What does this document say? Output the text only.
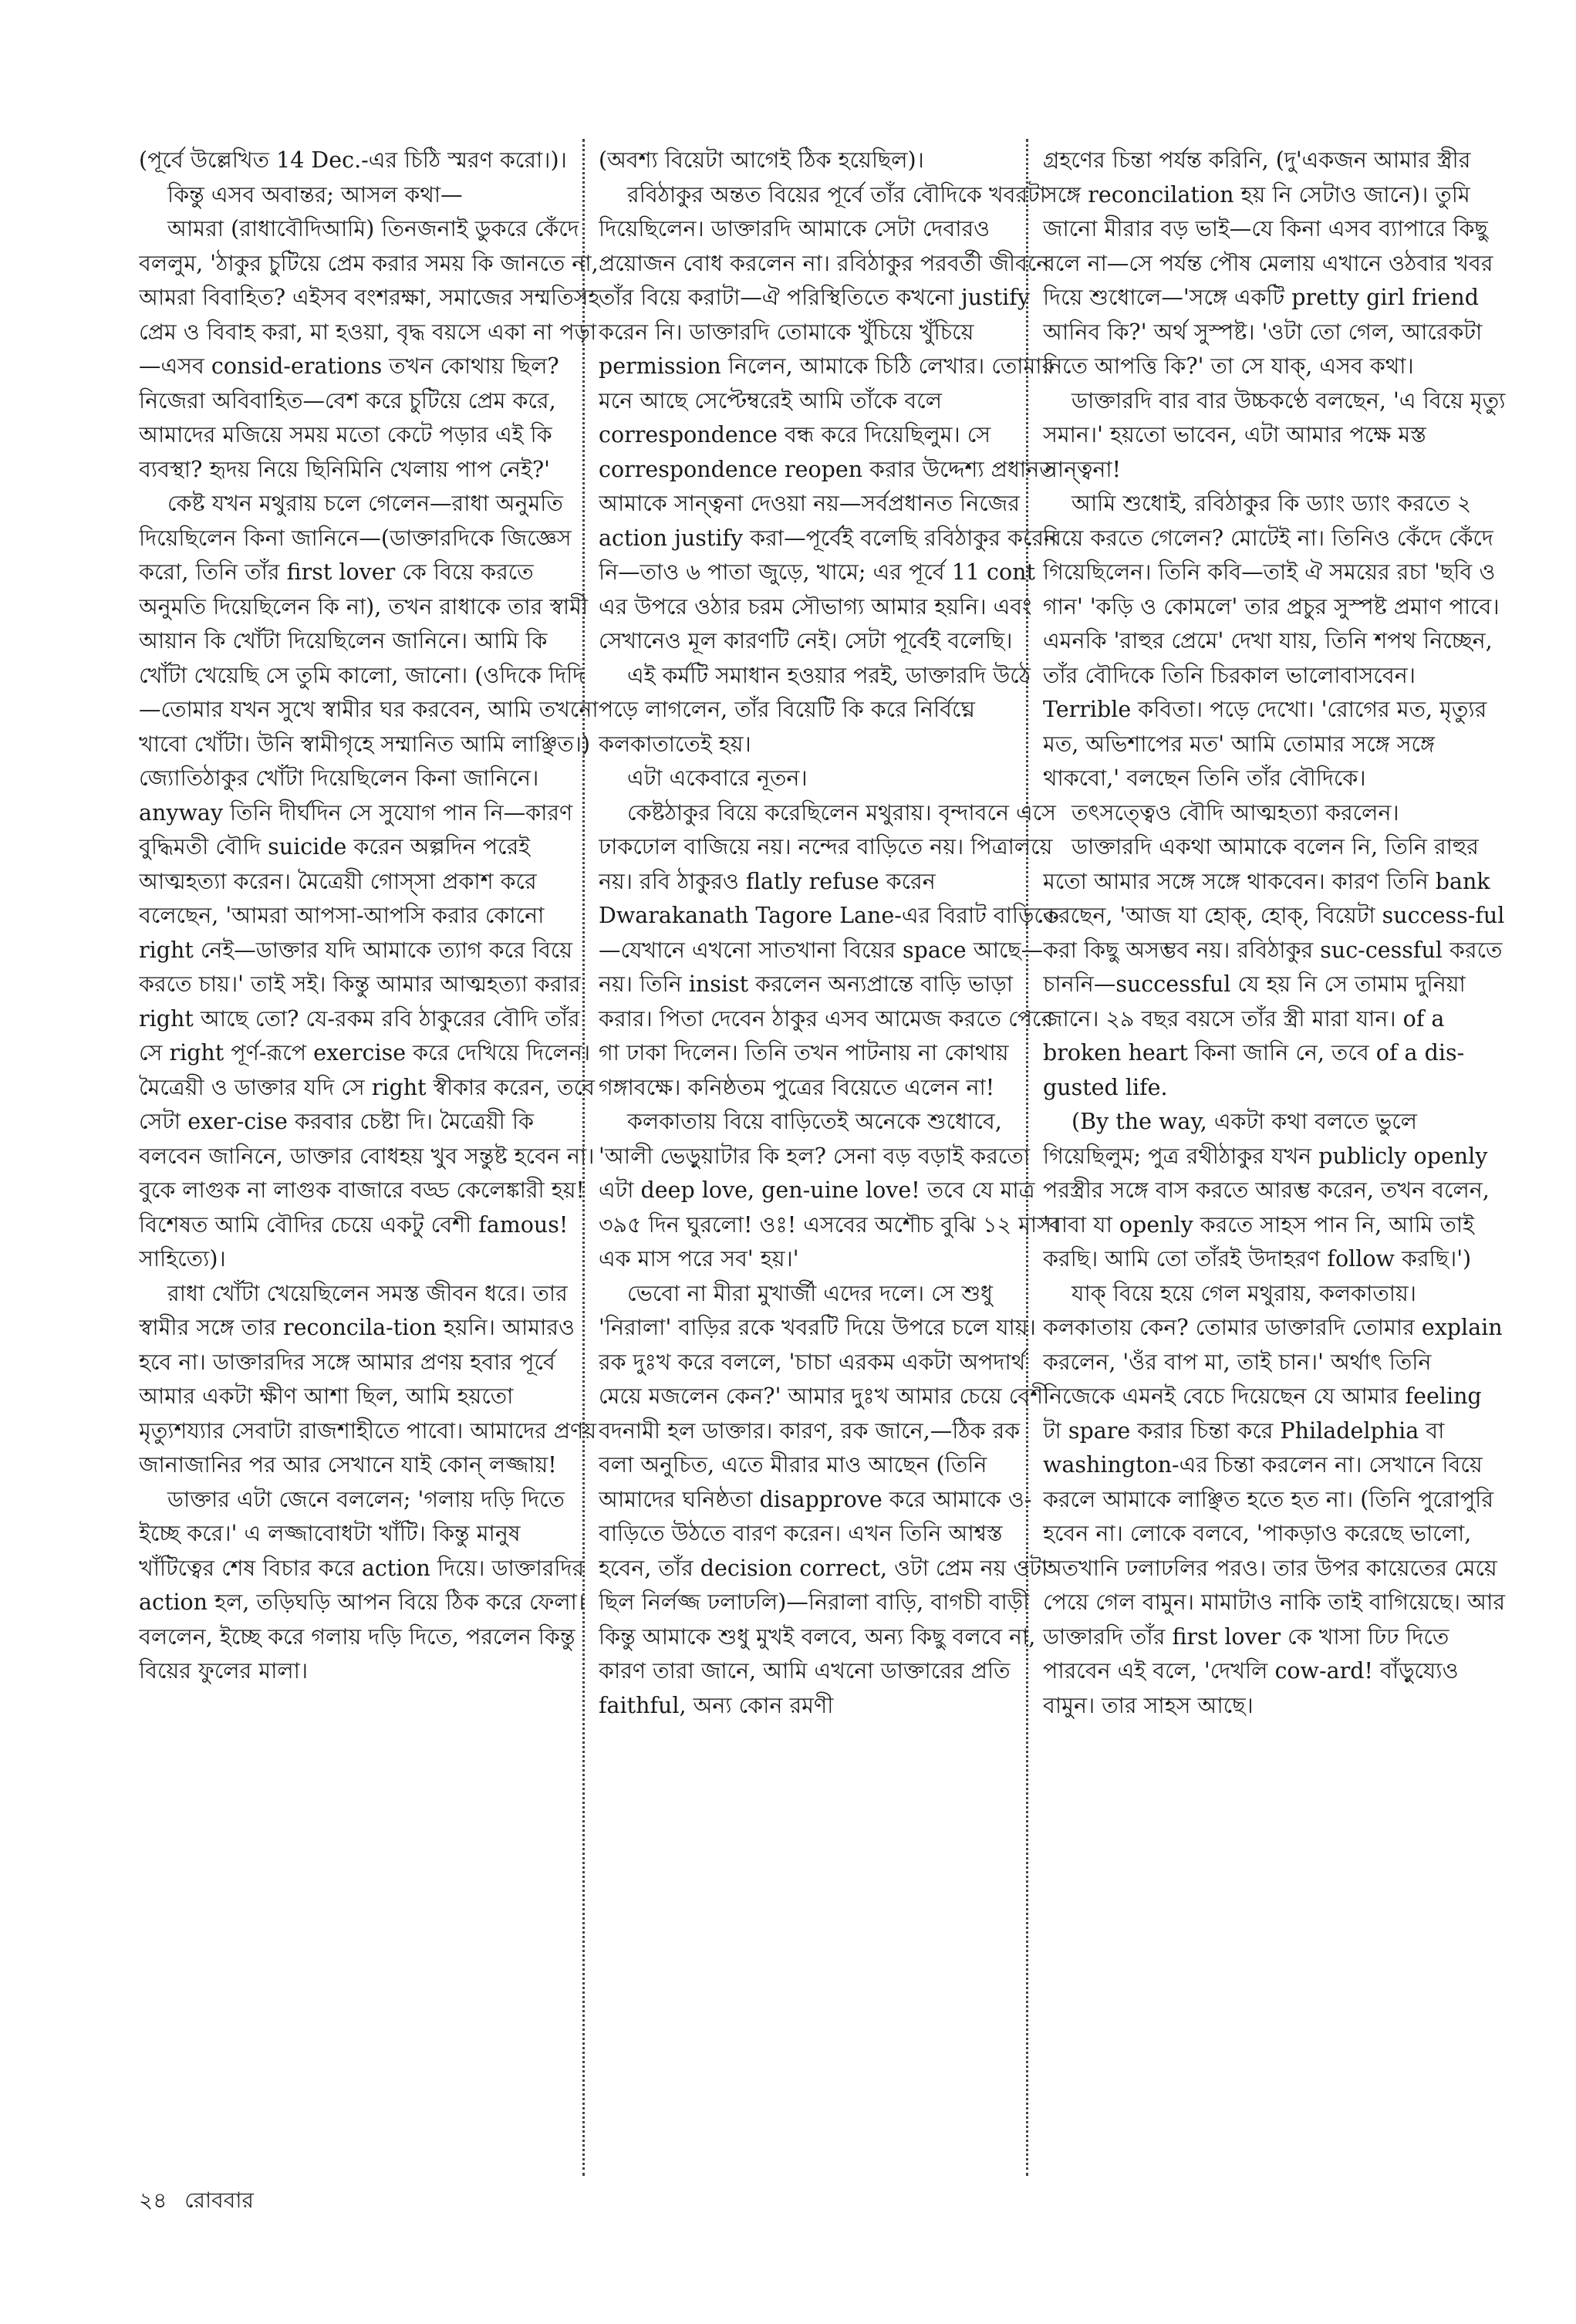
(পূর্বে উল্লেখিত 14 Dec.-এর চিঠি স্মরণ করো।)।

কিন্তু এসব অবান্তর; আসল কথা—

আমরা (রাধাবৌদিআমি) তিনজনাই ডুকরে কেঁদে বললুম, 'ঠাকুর চুটিয়ে প্রেম করার সময় কি জানতে না, আমরা বিবাহিত? এইসব বংশরক্ষা, সমাজের সম্মতিসহ প্রেম ও বিবাহ করা, মা হওয়া, বৃদ্ধ বয়সে একা না পড়া—এসব consid-erations তখন কোথায় ছিল? নিজেরা অবিবাহিত—বেশ করে চুটিয়ে প্রেম করে, আমাদের মজিয়ে সময় মতো কেটে পড়ার এই কি ব্যবস্থা? হৃদয় নিয়ে ছিনিমিনি খেলায় পাপ নেই?'

কেষ্ট যখন মথুরায় চলে গেলেন—রাধা অনুমতি দিয়েছিলেন কিনা জানিনে—(ডাক্তারদিকে জিজ্ঞেস করো, তিনি তাঁর first lover কে বিয়ে করতে অনুমতি দিয়েছিলেন কি না), তখন রাধাকে তার স্বামী আয়ান কি খোঁটা দিয়েছিলেন জানিনে। আমি কি খোঁটা খেয়েছি সে তুমি কালো, জানো। (ওদিকে দিদি—তোমার যখন সুখে স্বামীর ঘর করবেন, আমি তখনো খাবো খোঁটা। উনি স্বামীগৃহে সম্মানিত আমি লাঞ্ছিত।) জ্যোতিঠাকুর খোঁটা দিয়েছিলেন কিনা জানিনে। anyway তিনি দীর্ঘদিন সে সুযোগ পান নি—কারণ বুদ্ধিমতী বৌদি suicide করেন অল্পদিন পরেই আত্মহত্যা করেন। মৈত্রেয়ী গোস্সা প্রকাশ করে বলেছেন, 'আমরা আপসা-আপসি করার কোনো right নেই—ডাক্তার যদি আমাকে ত্যাগ করে বিয়ে করতে চায়।' তাই সই। কিন্তু আমার আত্মহত্যা করার right আছে তো? যে-রকম রবি ঠাকুরের বৌদি তাঁর সে right পূর্ণ-রূপে exercise করে দেখিয়ে দিলেন। মৈত্রেয়ী ও ডাক্তার যদি সে right স্বীকার করেন, তবে সেটা exer-cise করবার চেষ্টা দি। মৈত্রেয়ী কি বলবেন জানিনে, ডাক্তার বোধহয় খুব সন্তুষ্ট হবেন না। বুকে লাগুক না লাগুক বাজারে বড্ড কেলেঙ্কারী হয়! বিশেষত আমি বৌদির চেয়ে একটু বেশী famous! সাহিত্যে)।

রাধা খোঁটা খেয়েছিলেন সমস্ত জীবন ধরে। তার স্বামীর সঙ্গে তার reconcila-tion হয়নি। আমারও হবে না। ডাক্তারদির সঙ্গে আমার প্রণয় হবার পূর্বে আমার একটা ক্ষীণ আশা ছিল, আমি হয়তো মৃত্যুশয্যার সেবাটা রাজশাহীতে পাবো। আমাদের প্রণয় জানাজানির পর আর সেখানে যাই কোন্ লজ্জায়!

ডাক্তার এটা জেনে বললেন; 'গলায় দড়ি দিতে ইচ্ছে করে।' এ লজ্জাবোধটা খাঁটি। কিন্তু মানুষ খাঁটিত্বের শেষ বিচার করে action দিয়ে। ডাক্তারদির action হল, তড়িঘড়ি আপন বিয়ে ঠিক করে ফেলা। বললেন, ইচ্ছে করে গলায় দড়ি দিতে, পরলেন কিন্তু বিয়ের ফুলের মালা।

(অবশ্য বিয়েটা আগেই ঠিক হয়েছিল)।

রবিঠাকুর অন্তত বিয়ের পূর্বে তাঁর বৌদিকে খবরটা দিয়েছিলেন। ডাক্তারদি আমাকে সেটা দেবারও প্রয়োজন বোধ করলেন না। রবিঠাকুর পরবর্তী জীবনে তাঁর বিয়ে করাটা—ঐ পরিস্থিতিতে কখনো justify করেন নি। ডাক্তারদি তোমাকে খুঁচিয়ে খুঁচিয়ে permission নিলেন, আমাকে চিঠি লেখার। তোমার মনে আছে সেপ্টেম্বরেই আমি তাঁকে বলে correspondence বন্ধ করে দিয়েছিলুম। সে correspondence reopen করার উদ্দেশ্য প্রধানত আমাকে সান্ত্বনা দেওয়া নয়—সর্বপ্রধানত নিজের action justify করা—পূর্বেই বলেছি রবিঠাকুর করেন নি—তাও ৬ পাতা জুড়ে, খামে; এর পূর্বে 11 cont এর উপরে ওঠার চরম সৌভাগ্য আমার হয়নি। এবং সেখানেও মূল কারণটি নেই। সেটা পূর্বেই বলেছি।

এই কর্মটি সমাধান হওয়ার পরই, ডাক্তারদি উঠে পড়ে লাগলেন, তাঁর বিয়েটি কি করে নির্বিঘ্নে কলকাতাতেই হয়।

এটা একেবারে নূতন।

কেষ্টঠাকুর বিয়ে করেছিলেন মথুরায়। বৃন্দাবনে এসে ঢাকঢোল বাজিয়ে নয়। নন্দের বাড়িতে নয়। পিত্রালয়ে নয়। রবি ঠাকুরও flatly refuse করেন Dwarakanath Tagore Lane-এর বিরাট বাড়িতে—যেখানে এখনো সাতখানা বিয়ের space আছে—নয়। তিনি insist করলেন অন্যপ্রান্তে বাড়ি ভাড়া করার। পিতা দেবেন ঠাকুর এসব আমেজ করতে পেরে গা ঢাকা দিলেন। তিনি তখন পাটনায় না কোথায় গঙ্গাবক্ষে। কনিষ্ঠতম পুত্রের বিয়েতে এলেন না!

কলকাতায় বিয়ে বাড়িতেই অনেকে শুধোবে, 'আলী ভেড়ুয়াটার কি হল? সেনা বড় বড়াই করতো এটা deep love, gen-uine love! তবে যে মাত্র ৩৯৫ দিন ঘুরলো! ওঃ! এসবের অশৌচ বুঝি ১২ মাস। এক মাস পরে সব' হয়।'

ভেবো না মীরা মুখার্জী এদের দলে। সে শুধু 'নিরালা' বাড়ির রকে খবরটি দিয়ে উপরে চলে যায়। রক দুঃখ করে বললে, 'চাচা এরকম একটা অপদার্থ মেয়ে মজলেন কেন?' আমার দুঃখ আমার চেয়ে বেশী বদনামী হল ডাক্তার। কারণ, রক জানে,—ঠিক রক বলা অনুচিত, এতে মীরার মাও আছেন (তিনি আমাদের ঘনিষ্ঠতা disapprove করে আমাকে ও-বাড়িতে উঠতে বারণ করেন। এখন তিনি আশ্বস্ত হবেন, তাঁর decision correct, ওটা প্রেম নয় ওটা ছিল নির্লজ্জ ঢলাঢলি)—নিরালা বাড়ি, বাগচী বাড়ী কিন্তু আমাকে শুধু মুখই বলবে, অন্য কিছু বলবে না, কারণ তারা জানে, আমি এখনো ডাক্তারের প্রতি faithful, অন্য কোন রমণী

গ্রহণের চিন্তা পর্যন্ত করিনি, (দু'একজন আমার স্ত্রীর সঙ্গে reconcilation হয় নি সেটাও জানে)। তুমি জানো মীরার বড় ভাই—যে কিনা এসব ব্যাপারে কিছু বলে না—সে পর্যন্ত পৌষ মেলায় এখানে ওঠবার খবর দিয়ে শুধোলে—'সঙ্গে একটি pretty girl friend আনিব কি?' অর্থ সুস্পষ্ট। 'ওটা তো গেল, আরেকটা নিতে আপত্তি কি?' তা সে যাক্, এসব কথা।

ডাক্তারদি বার বার উচ্চকণ্ঠে বলছেন, 'এ বিয়ে মৃত্যু সমান।' হয়তো ভাবেন, এটা আমার পক্ষে মস্ত সান্ত্বনা!

আমি শুধোই, রবিঠাকুর কি ড্যাং ড্যাং করতে ২ বিয়ে করতে গেলেন? মোটেই না। তিনিও কেঁদে কেঁদে গিয়েছিলেন। তিনি কবি—তাই ঐ সময়ের রচা 'ছবি ও গান' 'কড়ি ও কোমলে' তার প্রচুর সুস্পষ্ট প্রমাণ পাবে। এমনকি 'রাহুর প্রেমে' দেখা যায়, তিনি শপথ নিচ্ছেন, তাঁর বৌদিকে তিনি চিরকাল ভালোবাসবেন। Terrible কবিতা। পড়ে দেখো। 'রোগের মত, মৃত্যুর মত, অভিশাপের মত' আমি তোমার সঙ্গে সঙ্গে থাকবো,' বলছেন তিনি তাঁর বৌদিকে।

তৎসত্ত্বেও বৌদি আত্মহত্যা করলেন।

ডাক্তারদি একথা আমাকে বলেন নি, তিনি রাহুর মতো আমার সঙ্গে সঙ্গে থাকবেন। কারণ তিনি bank করছেন, 'আজ যা হোক্, হোক্, বিয়েটা success-ful করা কিছু অসম্ভব নয়। রবিঠাকুর suc-cessful করতে চাননি—successful যে হয় নি সে তামাম দুনিয়া জানে। ২৯ বছর বয়সে তাঁর স্ত্রী মারা যান। of a broken heart কিনা জানি নে, তবে of a dis-gusted life.

(By the way, একটা কথা বলতে ভুলে গিয়েছিলুম; পুত্র রথীঠাকুর যখন publicly openly পরস্ত্রীর সঙ্গে বাস করতে আরম্ভ করেন, তখন বলেন, 'বাবা যা openly করতে সাহস পান নি, আমি তাই করছি। আমি তো তাঁরই উদাহরণ follow করছি।')

যাক্ বিয়ে হয়ে গেল মথুরায়, কলকাতায়। কলকাতায় কেন? তোমার ডাক্তারদি তোমার explain করলেন, 'ওঁর বাপ মা, তাই চান।' অর্থাৎ তিনি নিজেকে এমনই বেচে দিয়েছেন যে আমার feeling টা spare করার চিন্তা করে Philadelphia বা washington-এর চিন্তা করলেন না। সেখানে বিয়ে করলে আমাকে লাঞ্ছিত হতে হত না। (তিনি পুরোপুরি হবেন না। লোকে বলবে, 'পাকড়াও করেছে ভালো, অতখানি ঢলাঢলির পরও। তার উপর কায়েতের মেয়ে পেয়ে গেল বামুন। মামাটাও নাকি তাই বাগিয়েছে। আর ডাক্তারদি তাঁর first lover কে খাসা ঢিঢ দিতে পারবেন এই বলে, 'দেখলি cow-ard! বাঁড়ুয্যেও বামুন। তার সাহস আছে।

২৪ রোববার
